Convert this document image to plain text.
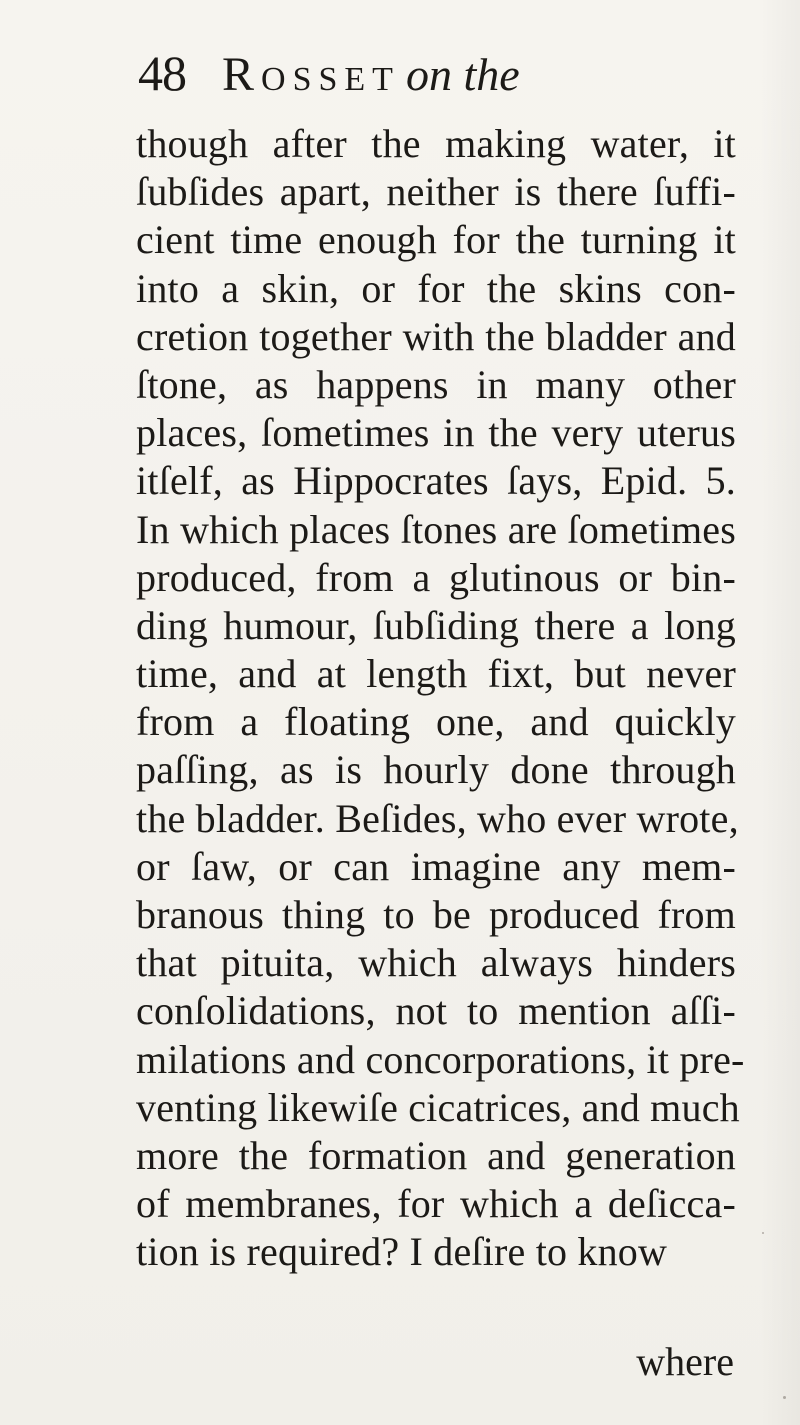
48 Rosset on the
though after the making water, it
ſubſides apart, neither is there ſuffi-
cient time enough for the turning it
into a skin, or for the skins con-
cretion together with the bladder and
ſtone, as happens in many other
places, ſometimes in the very uterus
itſelf, as Hippocrates ſays, Epid. 5.
In which places ſtones are ſometimes
produced, from a glutinous or bin-
ding humour, ſubſiding there a long
time, and at length fixt, but never
from a floating one, and quickly
paſſing, as is hourly done through
the bladder. Beſides, who ever wrote,
or ſaw, or can imagine any mem-
branous thing to be produced from
that pituita, which always hinders
conſolidations, not to mention aſſi-
milations and concorporations, it pre-
venting likewiſe cicatrices, and much
more the formation and generation
of membranes, for which a deſicca-
tion is required? I deſire to know
where
